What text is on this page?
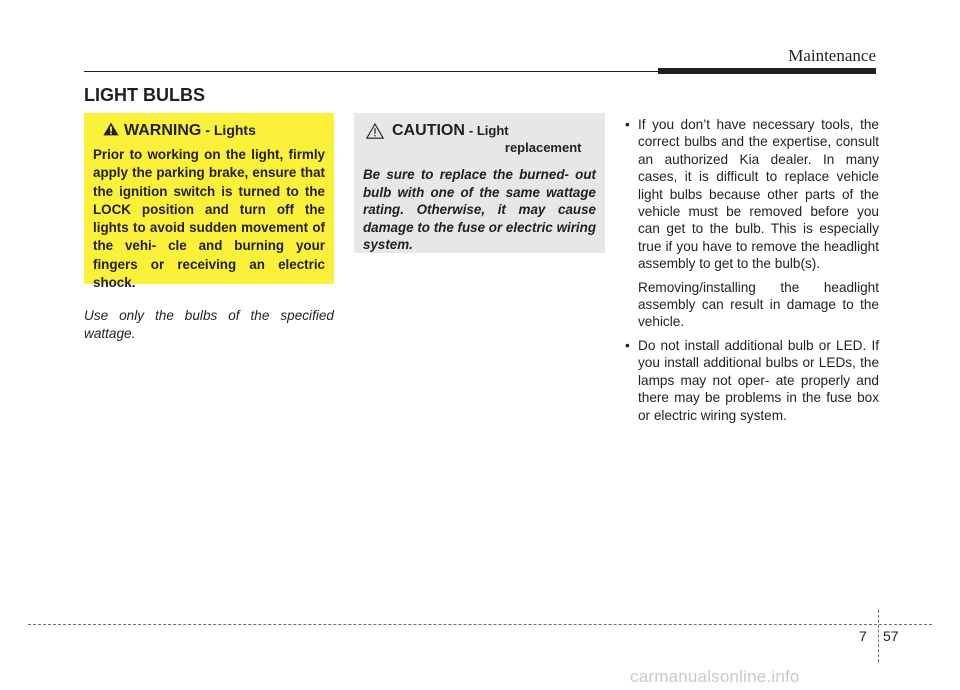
Maintenance
LIGHT BULBS
WARNING - Lights

Prior to working on the light, firmly apply the parking brake, ensure that the ignition switch is turned to the LOCK position and turn off the lights to avoid sudden movement of the vehi- cle and burning your fingers or receiving an electric shock.

Use only the bulbs of the specified wattage.

CAUTION - Light
replacement

Be sure to replace the burned- out bulb with one of the same wattage rating. Otherwise, it may cause damage to the fuse or electric wiring system.

• If you don’t have necessary tools, the correct bulbs and the expertise, consult an authorized Kia dealer. In many cases, it is difficult to replace vehicle light bulbs because other parts of the vehicle must be removed before you can get to the bulb. This is especially true if you have to remove the headlight assembly to get to the bulb(s).

Removing/installing the headlight assembly can result in damage to the vehicle.

• Do not install additional bulb or LED. If you install additional bulbs or LEDs, the lamps may not oper- ate properly and there may be problems in the fuse box or electric wiring system.

7 57
carmanualsonline.info
